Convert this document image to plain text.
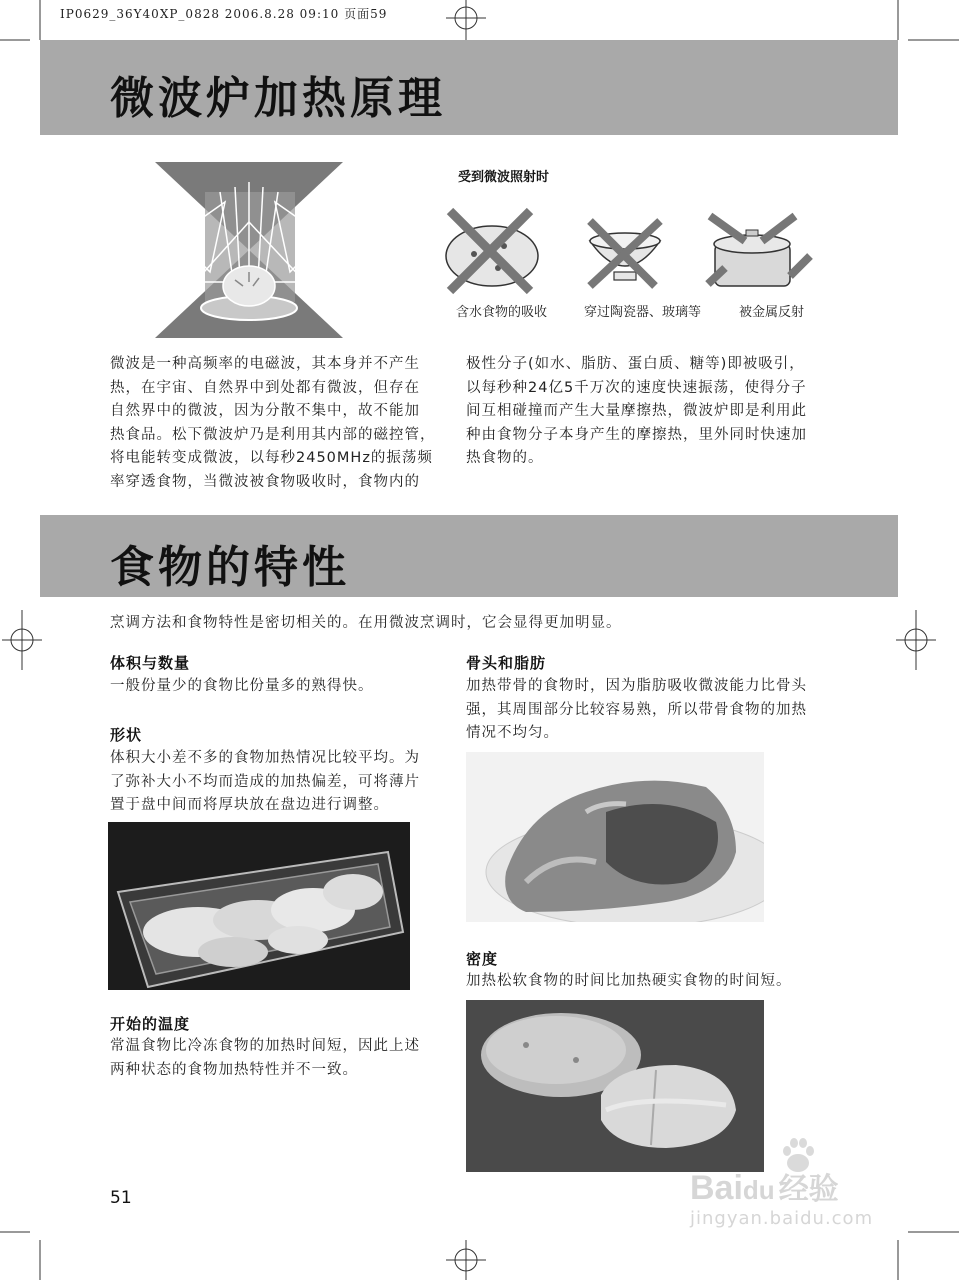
IP0629_36Y40XP_0828 2006.8.28 09:10 页面59
微波炉加热原理
受到微波照射时
含水食物的吸收	穿过陶瓷器、玻璃等	被金属反射
微波是一种高频率的电磁波，其本身并不产生
热，在宇宙、自然界中到处都有微波，但存在
自然界中的微波，因为分散不集中，故不能加
热食品。松下微波炉乃是利用其内部的磁控管，
将电能转变成微波，以每秒2450MHz的振荡频
率穿透食物，当微波被食物吸收时，食物内的
极性分子(如水、脂肪、蛋白质、糖等)即被吸引，
以每秒种24亿5千万次的速度快速振荡，使得分子
间互相碰撞而产生大量摩擦热，微波炉即是利用此
种由食物分子本身产生的摩擦热，里外同时快速加
热食物的。
食物的特性
烹调方法和食物特性是密切相关的。在用微波烹调时，它会显得更加明显。
体积与数量
一般份量少的食物比份量多的熟得快。
形状
体积大小差不多的食物加热情况比较平均。为
了弥补大小不均而造成的加热偏差，可将薄片
置于盘中间而将厚块放在盘边进行调整。
开始的温度
常温食物比冷冻食物的加热时间短，因此上述
两种状态的食物加热特性并不一致。
骨头和脂肪
加热带骨的食物时，因为脂肪吸收微波能力比骨头
强，其周围部分比较容易熟，所以带骨食物的加热
情况不均匀。
密度
加热松软食物的时间比加热硬实食物的时间短。
51	Baidu 经验
jingyan.baidu.com
